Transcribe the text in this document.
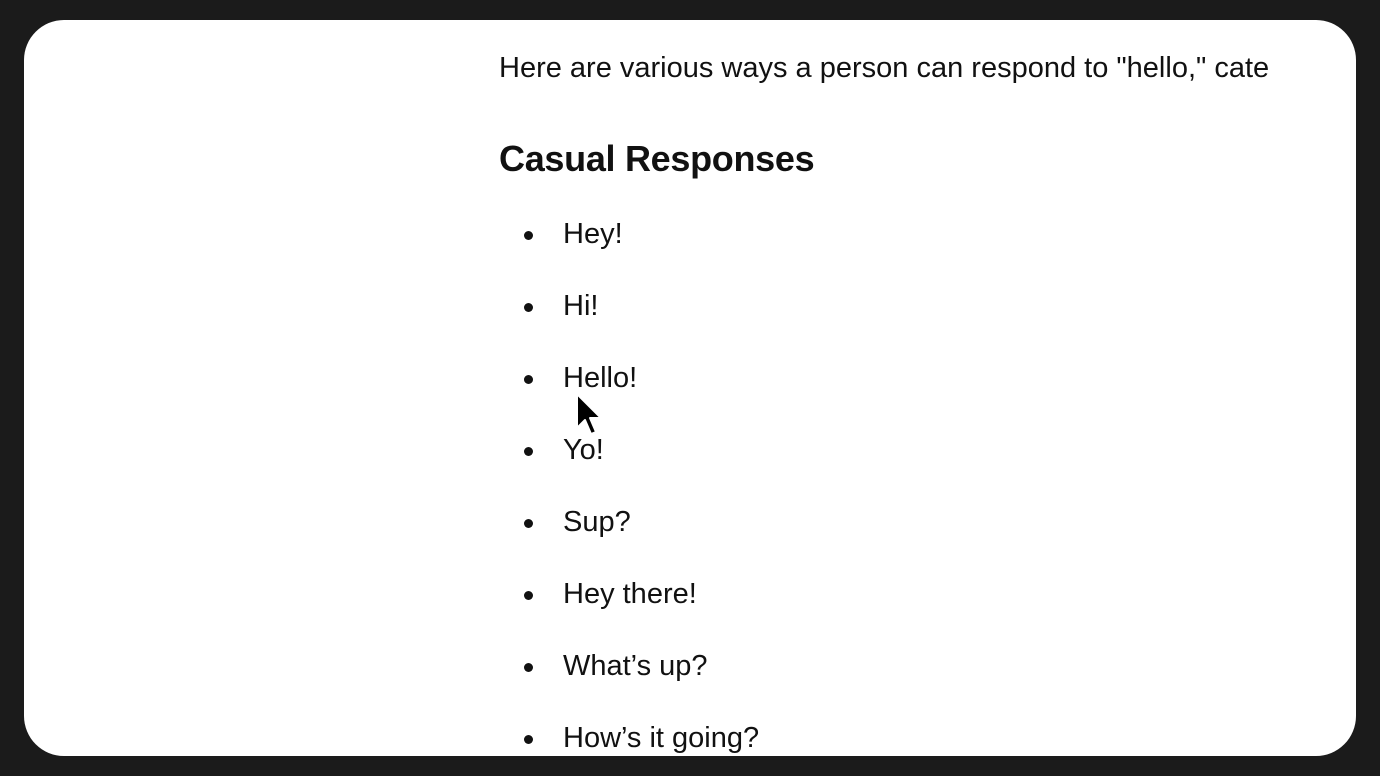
Here are various ways a person can respond to "hello," cate

Casual Responses
Hey!
Hi!
Hello!
Yo!
Sup?
Hey there!
What’s up?
How’s it going?
